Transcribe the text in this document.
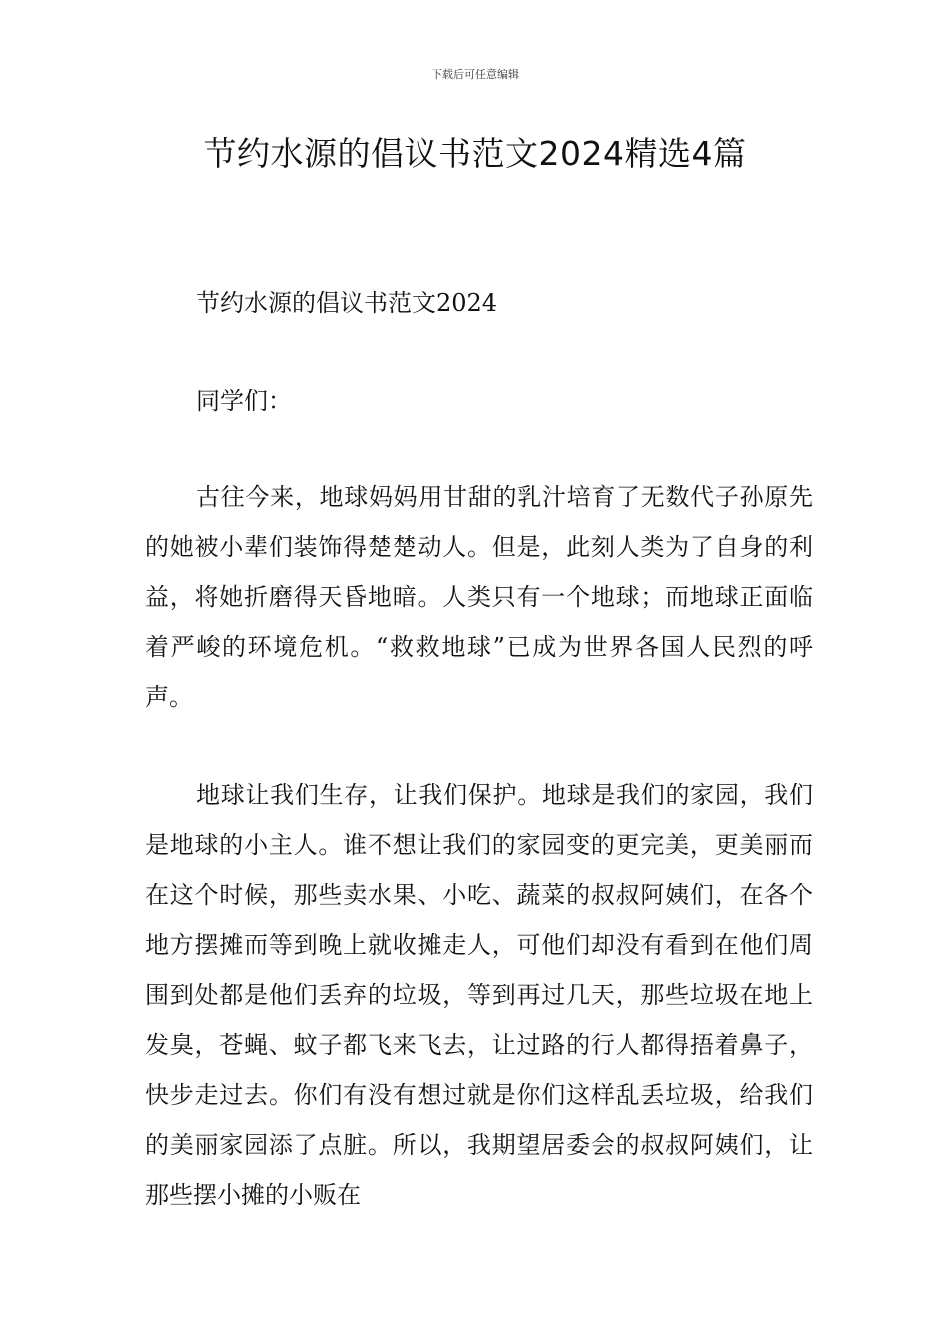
下载后可任意编辑
节约水源的倡议书范文2024精选4篇

节约水源的倡议书范文2024

同学们：

古往今来，地球妈妈用甘甜的乳汁培育了无数代子孙原先的她被小辈们装饰得楚楚动人。但是，此刻人类为了自身的利益，将她折磨得天昏地暗。人类只有一个地球；而地球正面临着严峻的环境危机。“救救地球”已成为世界各国人民烈的呼声。

地球让我们生存，让我们保护。地球是我们的家园，我们是地球的小主人。谁不想让我们的家园变的更完美，更美丽而在这个时候，那些卖水果、小吃、蔬菜的叔叔阿姨们，在各个地方摆摊而等到晚上就收摊走人，可他们却没有看到在他们周围到处都是他们丢弃的垃圾，等到再过几天，那些垃圾在地上发臭，苍蝇、蚊子都飞来飞去，让过路的行人都得捂着鼻子，快步走过去。你们有没有想过就是你们这样乱丢垃圾，给我们的美丽家园添了点脏。所以，我期望居委会的叔叔阿姨们，让那些摆小摊的小贩在
